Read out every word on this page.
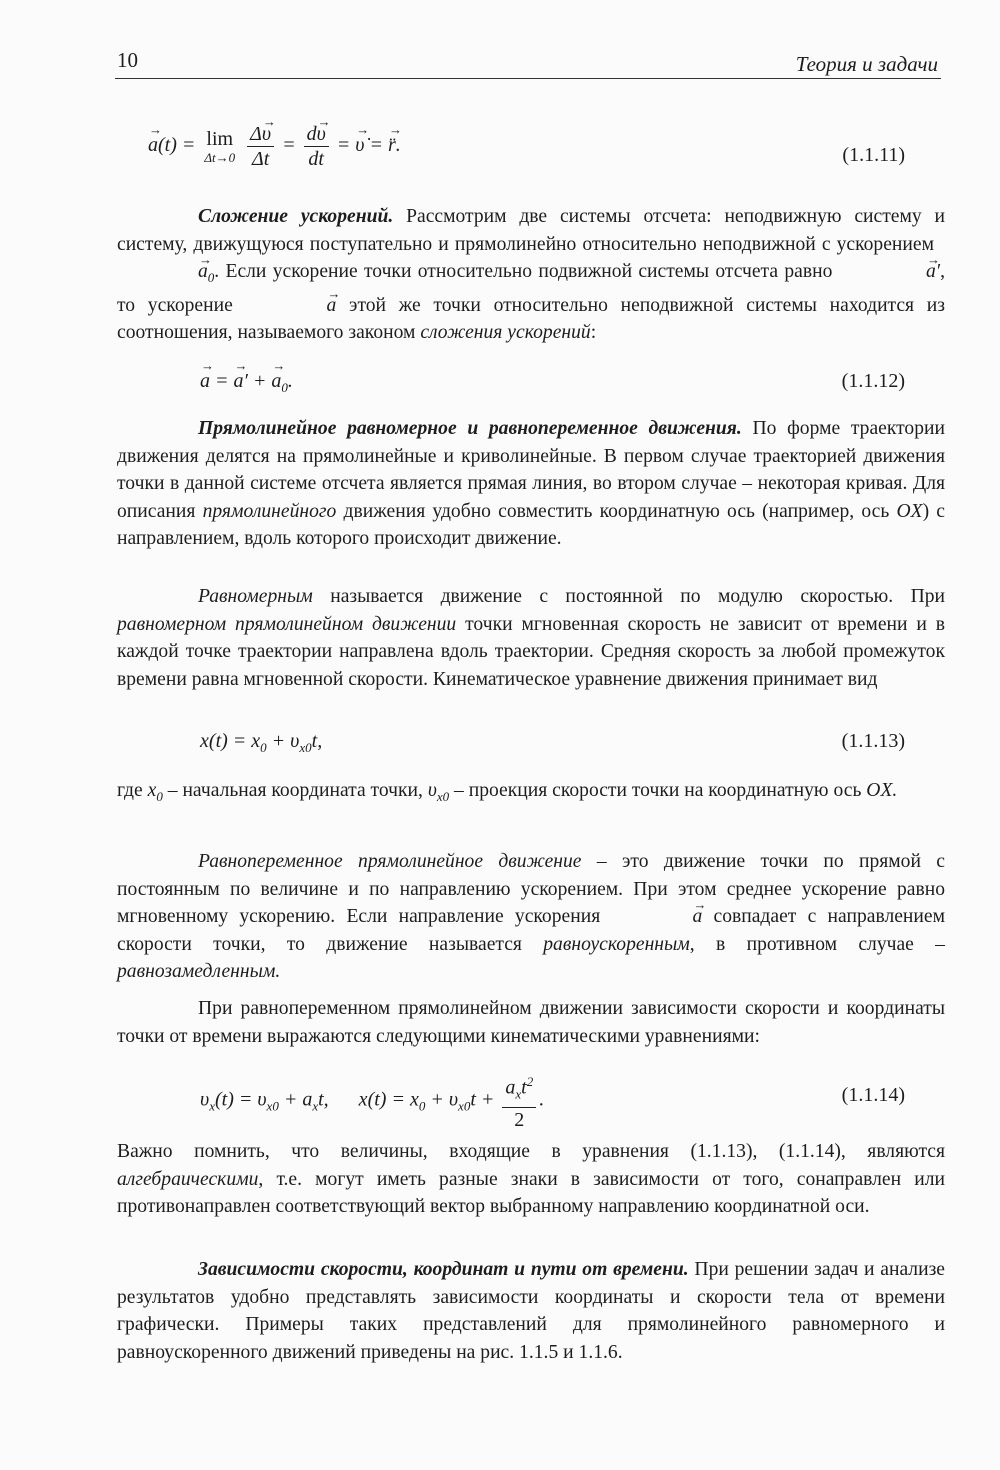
10	Теория и задачи
→ a(t) = lim
Δt→0
$\frac{\Delta\to \upsilon}{\Delta t} = \frac{d\to \upsilon}{dt}$ = → υ̇ = → r̈.	(1.1.11)

Сложение ускорений. Рассмотрим две системы отсчета: неподвижную систему и систему, движущуюся поступательно и прямолинейно относительно неподвижной с ускорением  → $a_0$. Если ускорение точки относительно подвижной системы отсчета равно	→ a′, то ускорение	→ a этой же точки относительно неподвижной системы находится из соотношения, называемого законом сложения ускорений:

→ a = → a′ + → $a_0$.	(1.1.12)

Прямолинейное равномерное и равнопеременное движения. По форме траектории движения делятся на прямолинейные и криволинейные. В первом случае траекторией движения точки в данной системе отсчета является прямая линия, во втором случае – некоторая кривая. Для описания прямолинейного движения удобно совместить координатную ось (например, ось OX) с направлением, вдоль которого происходит движение.

Равномерным называется движение с постоянной по модулю скоростью. При равномерном прямолинейном движении точки мгновенная скорость не зависит от времени и в каждой точке траектории направлена вдоль траектории. Средняя скорость за любой промежуток времени равна мгновенной скорости. Кинематическое уравнение движения принимает вид

$x(t) = x_0 + \upsilon_{x0}t$,	(1.1.13)

где $x_0$ – начальная координата точки, $\upsilon_{x0}$ – проекция скорости точки на координатную ось OX.

Равнопеременное прямолинейное движение – это движение точки по прямой с постоянным по величине и по направлению ускорением. При этом среднее ускорение равно мгновенному ускорению. Если направление ускорения	→ a совпадает с направлением скорости точки, то движение называется равноускоренным, в противном случае – равнозамедленным.

При равнопеременном прямолинейном движении зависимости скорости и координаты точки от времени выражаются следующими кинематическими уравнениями:

$\upsilon_x(t) = \upsilon_{x0} + a_xt$,      $x(t) = x_0 + \upsilon_{x0}t + \frac{a_xt^2}{2}$ .	(1.1.14)

Важно помнить, что величины, входящие в уравнения (1.1.13), (1.1.14), являются алгебраическими, т.е. могут иметь разные знаки в зависимости от того, сонаправлен или противонаправлен соответствующий вектор выбранному направлению координатной оси.

Зависимости скорости, координат и пути от времени. При решении задач и анализе результатов удобно представлять зависимости координаты и скорости тела от времени графически. Примеры таких представлений для прямолинейного равномерного и равноускоренного движений приведены на рис. 1.1.5 и 1.1.6.
